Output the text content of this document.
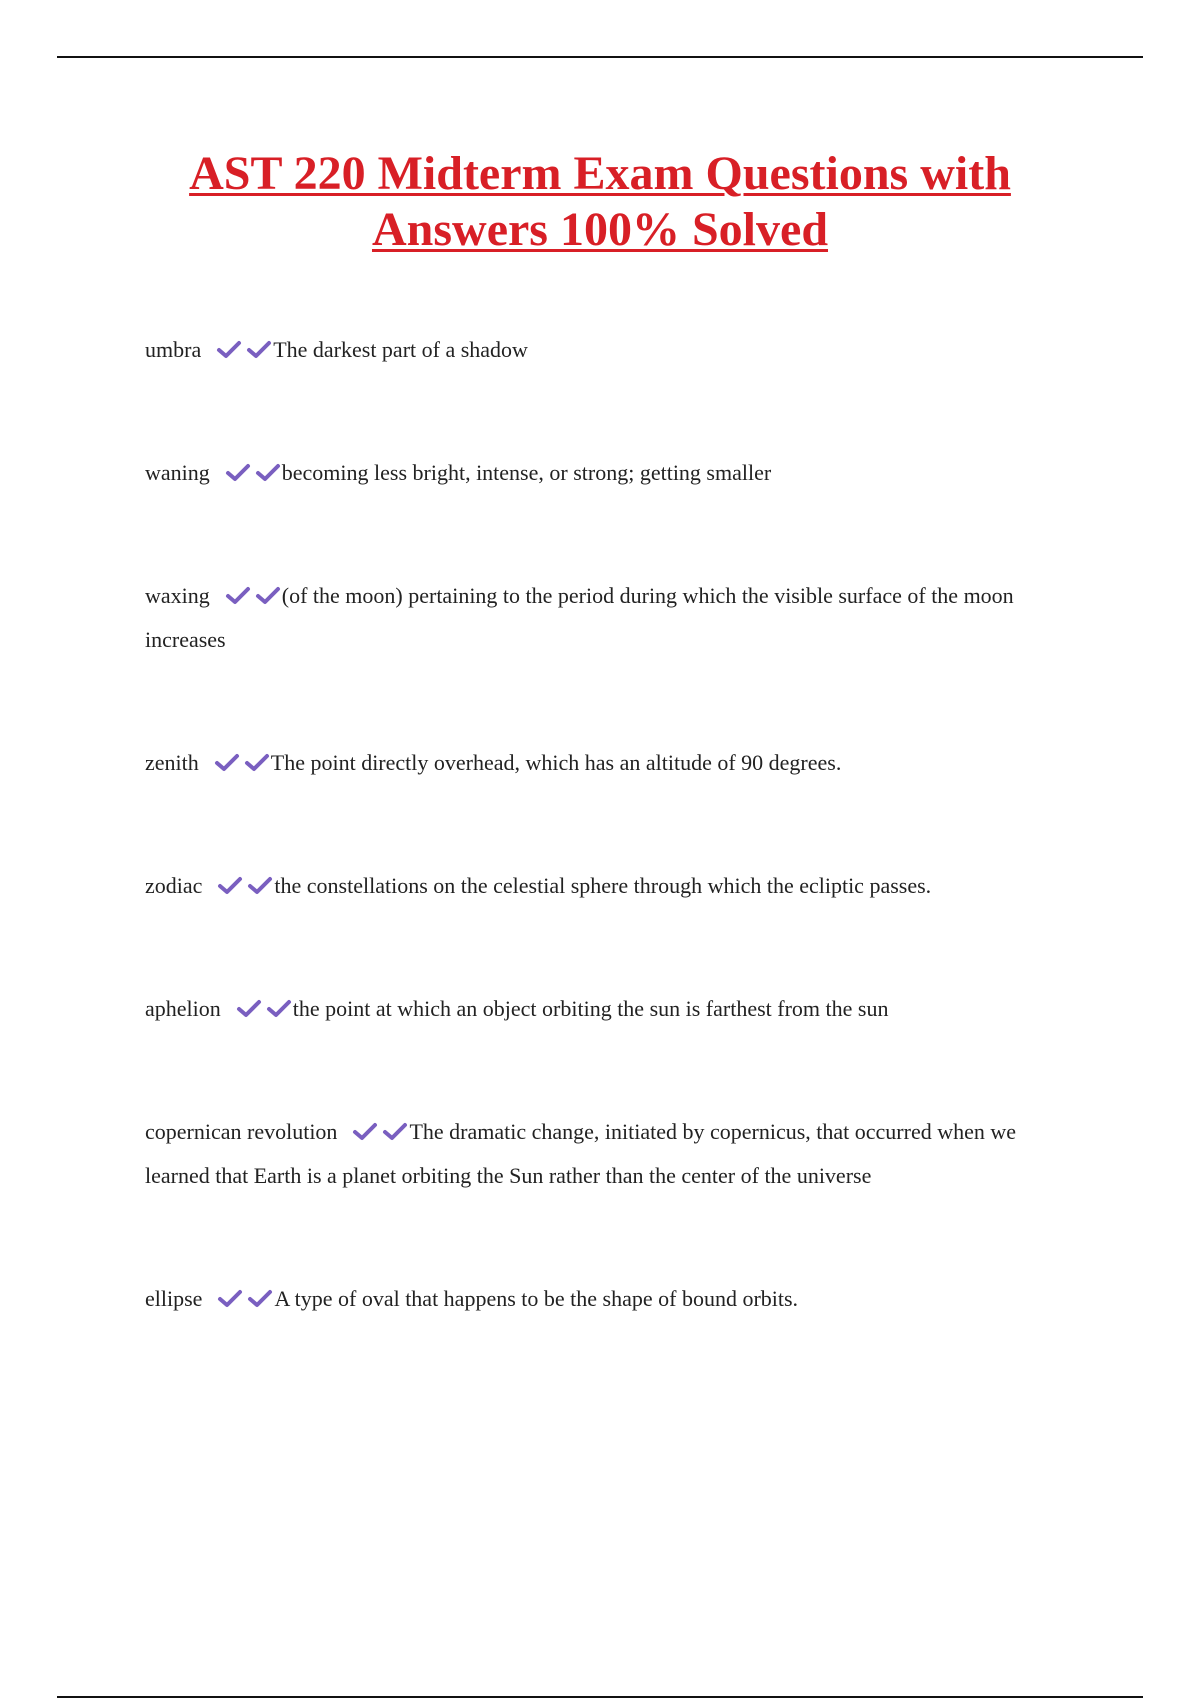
AST 220 Midterm Exam Questions with Answers 100% Solved
umbra	The darkest part of a shadow
waning	becoming less bright, intense, or strong; getting smaller
waxing	(of the moon) pertaining to the period during which the visible surface of the moon increases
zenith	The point directly overhead, which has an altitude of 90 degrees.
zodiac	the constellations on the celestial sphere through which the ecliptic passes.
aphelion	the point at which an object orbiting the sun is farthest from the sun
copernican revolution	The dramatic change, initiated by copernicus, that occurred when we learned that Earth is a planet orbiting the Sun rather than the center of the universe
ellipse	A type of oval that happens to be the shape of bound orbits.
